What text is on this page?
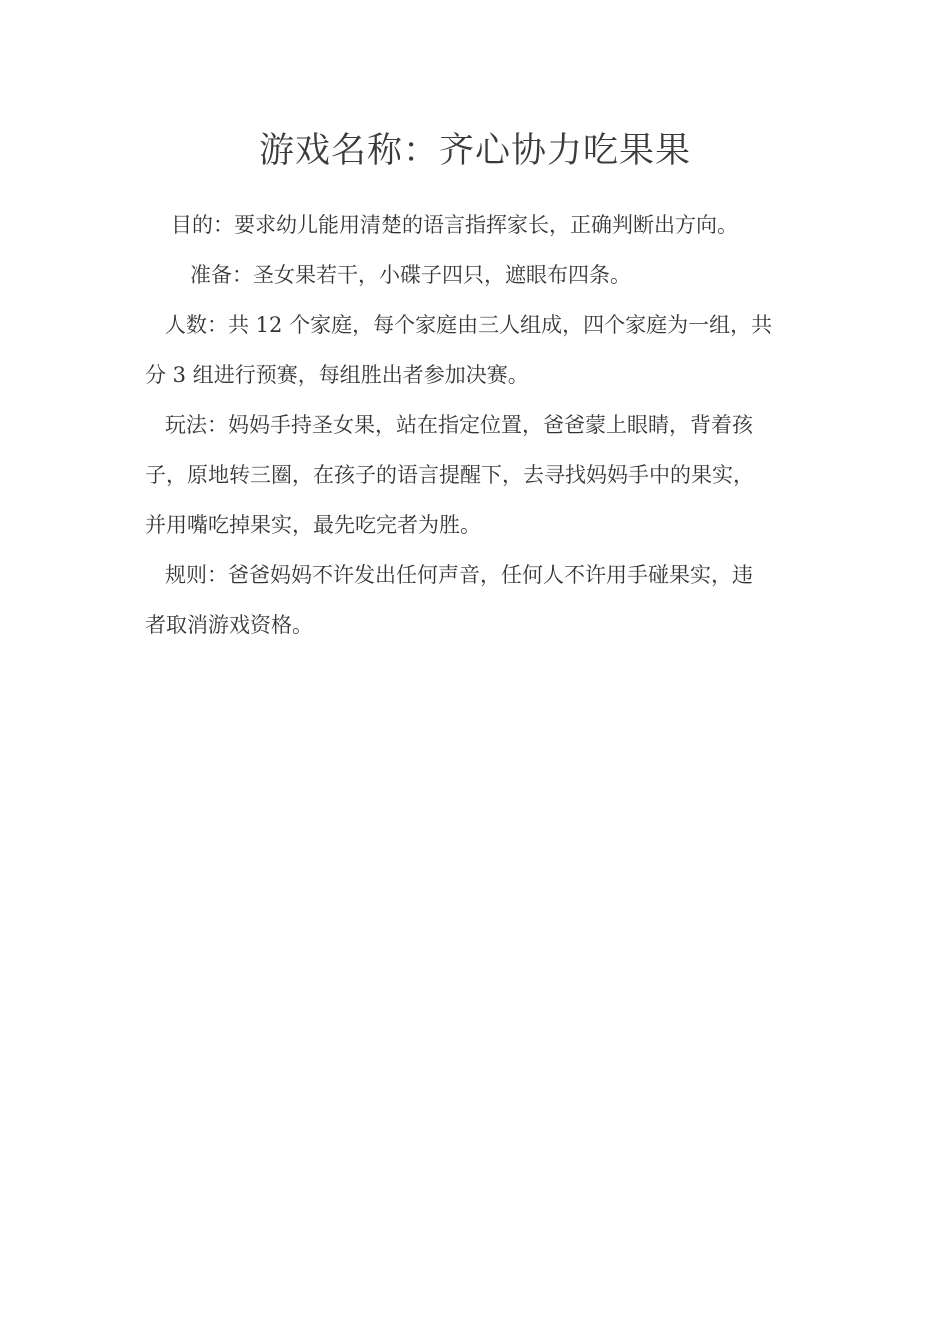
游戏名称：齐心协力吃果果
目的：要求幼儿能用清楚的语言指挥家长，正确判断出方向。
准备：圣女果若干，小碟子四只，遮眼布四条。
人数：共 12 个家庭，每个家庭由三人组成，四个家庭为一组，共
分 3 组进行预赛，每组胜出者参加决赛。
玩法：妈妈手持圣女果，站在指定位置，爸爸蒙上眼睛，背着孩
子，原地转三圈，在孩子的语言提醒下，去寻找妈妈手中的果实，
并用嘴吃掉果实，最先吃完者为胜。
规则：爸爸妈妈不许发出任何声音，任何人不许用手碰果实，违
者取消游戏资格。
